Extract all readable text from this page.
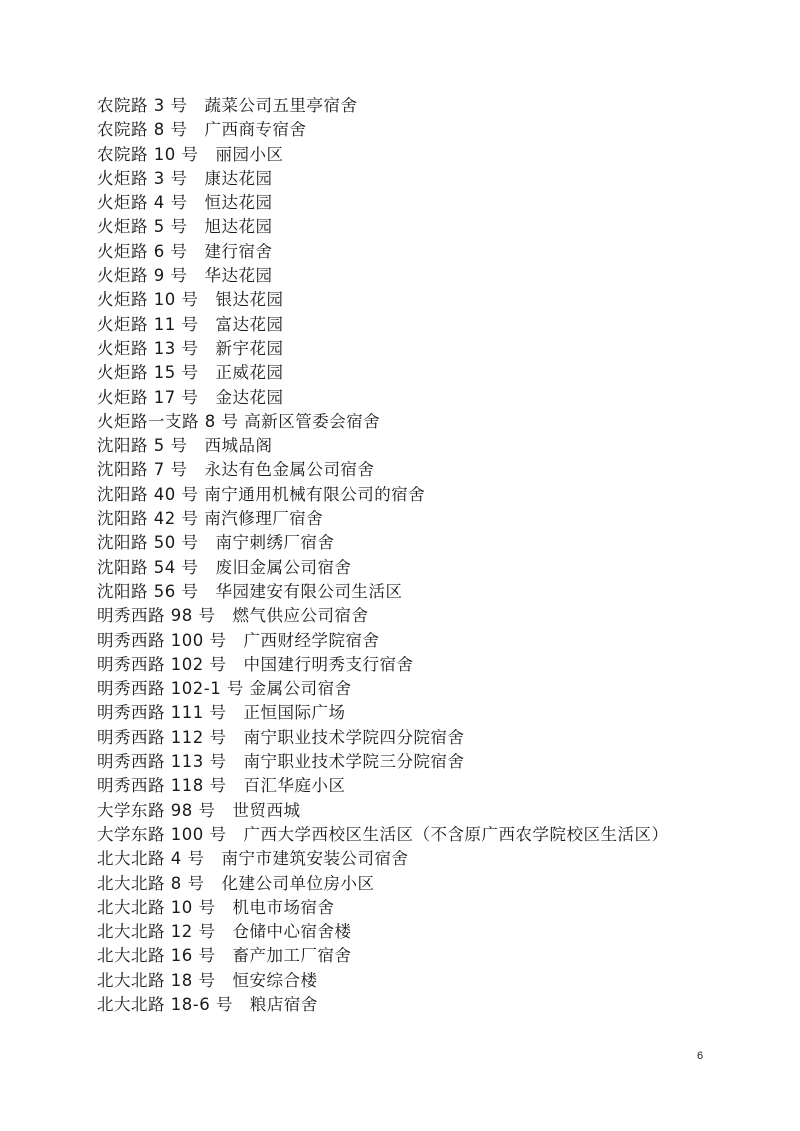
农院路 3 号　蔬菜公司五里亭宿舍
农院路 8 号　广西商专宿舍
农院路 10 号　丽园小区
火炬路 3 号　康达花园
火炬路 4 号　恒达花园
火炬路 5 号　旭达花园
火炬路 6 号　建行宿舍
火炬路 9 号　华达花园
火炬路 10 号　银达花园
火炬路 11 号　富达花园
火炬路 13 号　新宇花园
火炬路 15 号　正威花园
火炬路 17 号　金达花园
火炬路一支路 8 号 高新区管委会宿舍
沈阳路 5 号　西城品阁
沈阳路 7 号　永达有色金属公司宿舍
沈阳路 40 号 南宁通用机械有限公司的宿舍
沈阳路 42 号 南汽修理厂宿舍
沈阳路 50 号　南宁刺绣厂宿舍
沈阳路 54 号　废旧金属公司宿舍
沈阳路 56 号　华园建安有限公司生活区
明秀西路 98 号　燃气供应公司宿舍
明秀西路 100 号　广西财经学院宿舍
明秀西路 102 号　中国建行明秀支行宿舍
明秀西路 102-1 号 金属公司宿舍
明秀西路 111 号　正恒国际广场
明秀西路 112 号　南宁职业技术学院四分院宿舍
明秀西路 113 号　南宁职业技术学院三分院宿舍
明秀西路 118 号　百汇华庭小区
大学东路 98 号　世贸西城
大学东路 100 号　广西大学西校区生活区（不含原广西农学院校区生活区）
北大北路 4 号　南宁市建筑安装公司宿舍
北大北路 8 号　化建公司单位房小区
北大北路 10 号　机电市场宿舍
北大北路 12 号　仓储中心宿舍楼
北大北路 16 号　畜产加工厂宿舍
北大北路 18 号　恒安综合楼
北大北路 18-6 号　粮店宿舍
6
